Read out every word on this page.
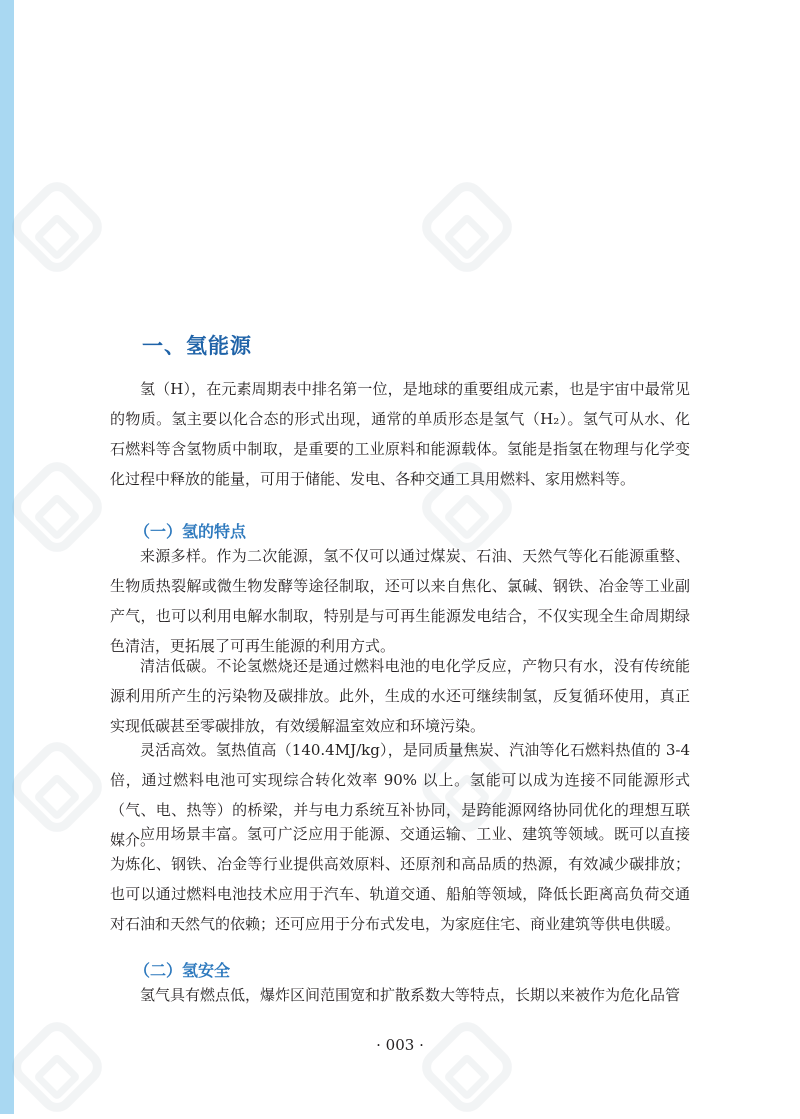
一、氢能源

氢（H），在元素周期表中排名第一位，是地球的重要组成元素，也是宇宙中最常见的物质。氢主要以化合态的形式出现，通常的单质形态是氢气（H₂）。氢气可从水、化石燃料等含氢物质中制取，是重要的工业原料和能源载体。氢能是指氢在物理与化学变化过程中释放的能量，可用于储能、发电、各种交通工具用燃料、家用燃料等。

（一）氢的特点

来源多样。作为二次能源，氢不仅可以通过煤炭、石油、天然气等化石能源重整、生物质热裂解或微生物发酵等途径制取，还可以来自焦化、氯碱、钢铁、冶金等工业副产气，也可以利用电解水制取，特别是与可再生能源发电结合，不仅实现全生命周期绿色清洁，更拓展了可再生能源的利用方式。

清洁低碳。不论氢燃烧还是通过燃料电池的电化学反应，产物只有水，没有传统能源利用所产生的污染物及碳排放。此外，生成的水还可继续制氢，反复循环使用，真正实现低碳甚至零碳排放，有效缓解温室效应和环境污染。

灵活高效。氢热值高（140.4MJ/kg），是同质量焦炭、汽油等化石燃料热值的 3-4 倍，通过燃料电池可实现综合转化效率 90% 以上。氢能可以成为连接不同能源形式（气、电、热等）的桥梁，并与电力系统互补协同，是跨能源网络协同优化的理想互联媒介。

应用场景丰富。氢可广泛应用于能源、交通运输、工业、建筑等领域。既可以直接为炼化、钢铁、冶金等行业提供高效原料、还原剂和高品质的热源，有效减少碳排放；也可以通过燃料电池技术应用于汽车、轨道交通、船舶等领域，降低长距离高负荷交通对石油和天然气的依赖；还可应用于分布式发电，为家庭住宅、商业建筑等供电供暖。

（二）氢安全

氢气具有燃点低，爆炸区间范围宽和扩散系数大等特点，长期以来被作为危化品管

· 003 ·
